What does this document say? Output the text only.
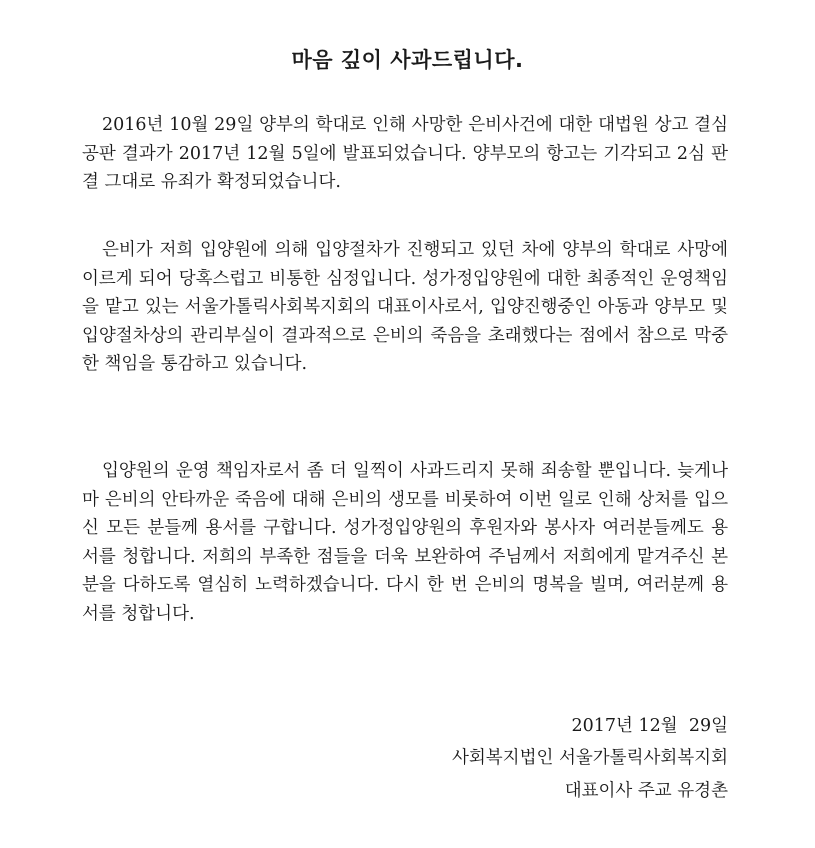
마음 깊이 사과드립니다.

2016년 10월 29일 양부의 학대로 인해 사망한 은비사건에 대한 대법원 상고 결심공판 결과가 2017년 12월 5일에 발표되었습니다. 양부모의 항고는 기각되고 2심 판결 그대로 유죄가 확정되었습니다.

은비가 저희 입양원에 의해 입양절차가 진행되고 있던 차에 양부의 학대로 사망에 이르게 되어 당혹스럽고 비통한 심정입니다. 성가정입양원에 대한 최종적인 운영책임을 맡고 있는 서울가톨릭사회복지회의 대표이사로서, 입양진행중인 아동과 양부모 및 입양절차상의 관리부실이 결과적으로 은비의 죽음을 초래했다는 점에서 참으로 막중한 책임을 통감하고 있습니다.

입양원의 운영 책임자로서 좀 더 일찍이 사과드리지 못해 죄송할 뿐입니다. 늦게나마 은비의 안타까운 죽음에 대해 은비의 생모를 비롯하여 이번 일로 인해 상처를 입으신 모든 분들께 용서를 구합니다. 성가정입양원의 후원자와 봉사자 여러분들께도 용서를 청합니다. 저희의 부족한 점들을 더욱 보완하여 주님께서 저희에게 맡겨주신 본분을 다하도록 열심히 노력하겠습니다. 다시 한 번 은비의 명복을 빌며, 여러분께 용서를 청합니다.

2017년 12월  29일
사회복지법인 서울가톨릭사회복지회
대표이사 주교 유경촌
